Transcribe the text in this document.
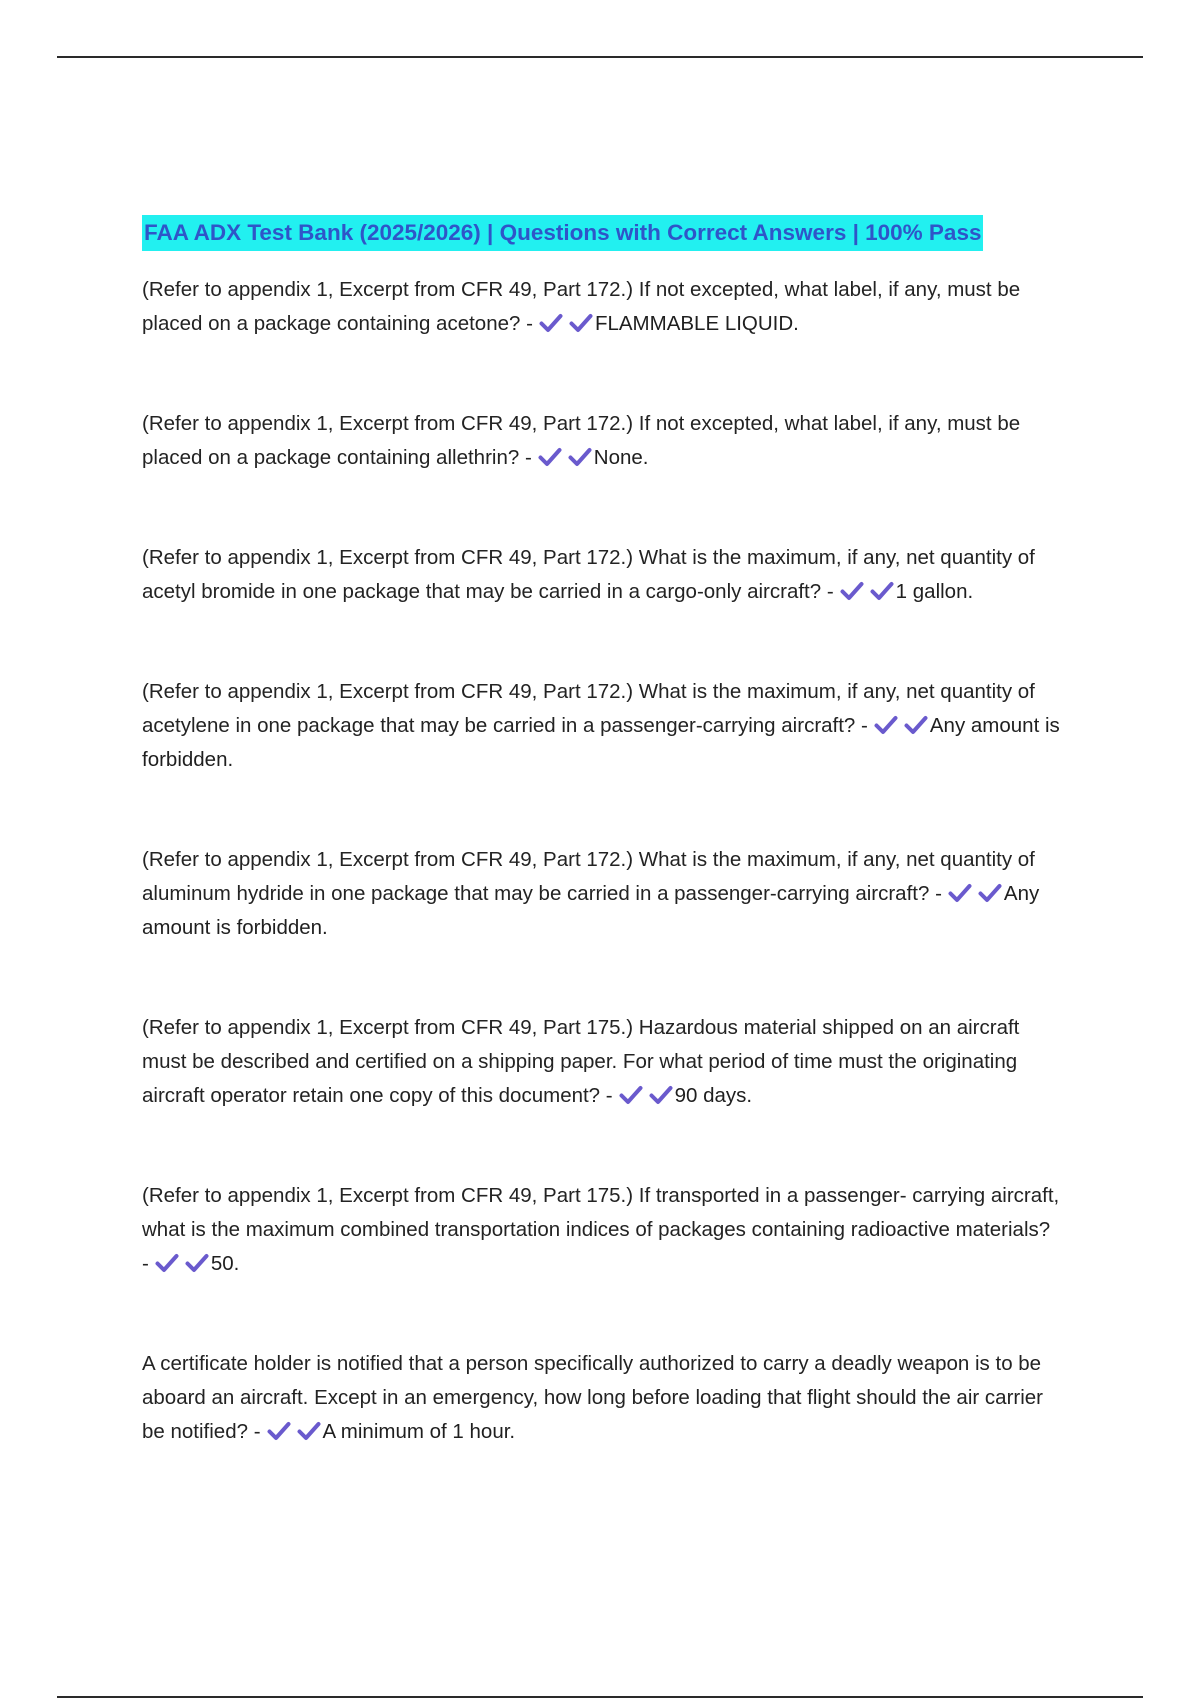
FAA ADX Test Bank (2025/2026) | Questions with Correct Answers | 100% Pass
(Refer to appendix 1, Excerpt from CFR 49, Part 172.) If not excepted, what label, if any, must be placed on a package containing acetone? -	FLAMMABLE LIQUID.
(Refer to appendix 1, Excerpt from CFR 49, Part 172.) If not excepted, what label, if any, must be placed on a package containing allethrin? -	None.
(Refer to appendix 1, Excerpt from CFR 49, Part 172.) What is the maximum, if any, net quantity of acetyl bromide in one package that may be carried in a cargo-only aircraft? -	1 gallon.
(Refer to appendix 1, Excerpt from CFR 49, Part 172.) What is the maximum, if any, net quantity of acetylene in one package that may be carried in a passenger-carrying aircraft? -	Any amount is forbidden.
(Refer to appendix 1, Excerpt from CFR 49, Part 172.) What is the maximum, if any, net quantity of aluminum hydride in one package that may be carried in a passenger-carrying aircraft? -	Any amount is forbidden.
(Refer to appendix 1, Excerpt from CFR 49, Part 175.) Hazardous material shipped on an aircraft must be described and certified on a shipping paper. For what period of time must the originating aircraft operator retain one copy of this document? -	90 days.
(Refer to appendix 1, Excerpt from CFR 49, Part 175.) If transported in a passenger- carrying aircraft, what is the maximum combined transportation indices of packages containing radioactive materials? -	50.
A certificate holder is notified that a person specifically authorized to carry a deadly weapon is to be aboard an aircraft. Except in an emergency, how long before loading that flight should the air carrier be notified? -	A minimum of 1 hour.
